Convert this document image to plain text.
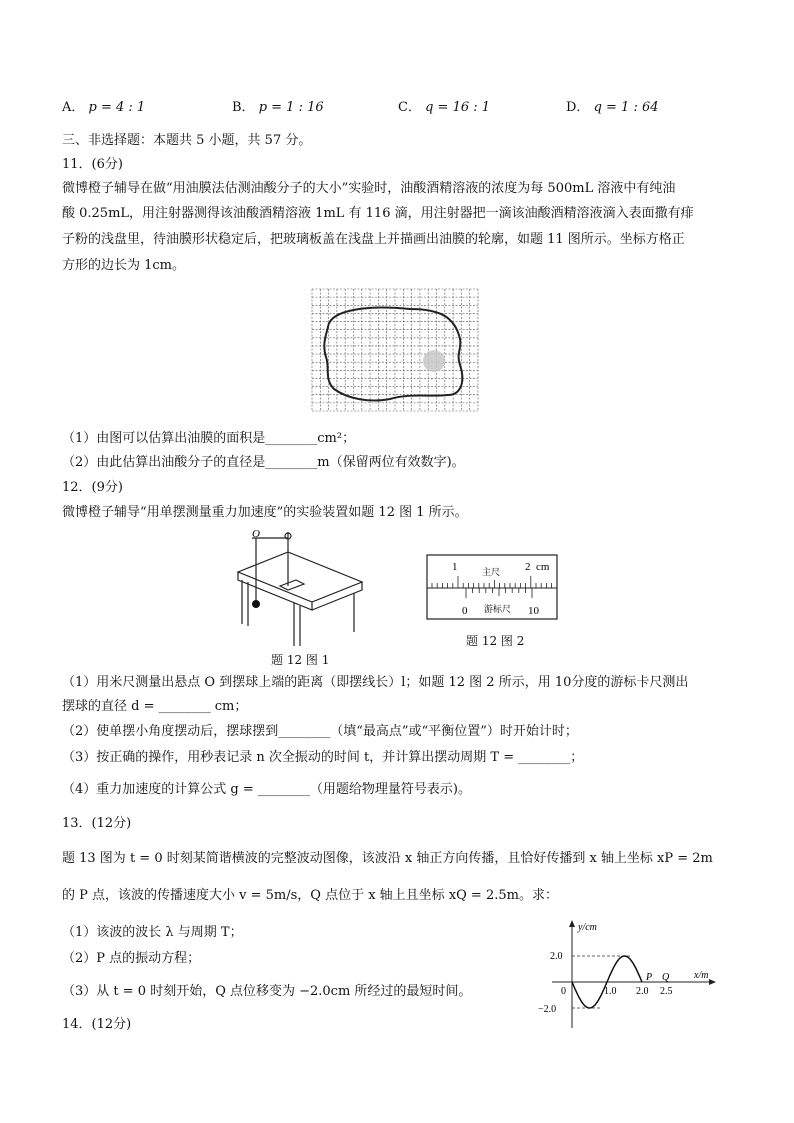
A． p = 4 : 1	B． p = 1 : 16	C． q = 16 : 1	D． q = 1 : 64
三、非选择题：本题共 5 小题，共 57 分。
11．(6分)
微博橙子辅导在做“用油膜法估测油酸分子的大小”实验时，油酸酒精溶液的浓度为每 500mL 溶液中有纯油
酸 0.25mL，用注射器测得该油酸酒精溶液 1mL 有 116 滴，用注射器把一滴该油酸酒精溶液滴入表面撒有痱
子粉的浅盘里，待油膜形状稳定后，把玻璃板盖在浅盘上并描画出油膜的轮廓，如题 11 图所示。坐标方格正
方形的边长为 1cm。
（1）由图可以估算出油膜的面积是________cm²；
（2）由此估算出油酸分子的直径是________m（保留两位有效数字)。
12．(9分)
微博橙子辅导“用单摆测量重力加速度”的实验装置如题 12 图 1 所示。
O
题 12 图 1
1	主尺 2 cm
0 游标尺 10
题 12 图 2
（1）用米尺测量出悬点 O 到摆球上端的距离（即摆线长）l；如题 12 图 2 所示，用 10分度的游标卡尺测出
摆球的直径 d = ________ cm；
（2）使单摆小角度摆动后，摆球摆到________（填“最高点”或“平衡位置”）时开始计时；
（3）按正确的操作，用秒表记录 n 次全振动的时间 t，并计算出摆动周期 T = ________；
（4）重力加速度的计算公式 g = ________（用题给物理量符号表示)。
13．(12分)
题 13 图为 t = 0 时刻某简谐横波的完整波动图像，该波沿 x 轴正方向传播，且恰好传播到 x 轴上坐标 xP = 2m
的 P 点，该波的传播速度大小 v = 5m/s，Q 点位于 x 轴上且坐标 xQ = 2.5m。求：
（1）该波的波长 λ 与周期 T；
（2）P 点的振动方程；
（3）从 t = 0 时刻开始，Q 点位移变为 −2.0cm 所经过的最短时间。
y/cm
x/m
2.0
−2.0
0	1.0 2.0 2.5
P Q
14．(12分)
